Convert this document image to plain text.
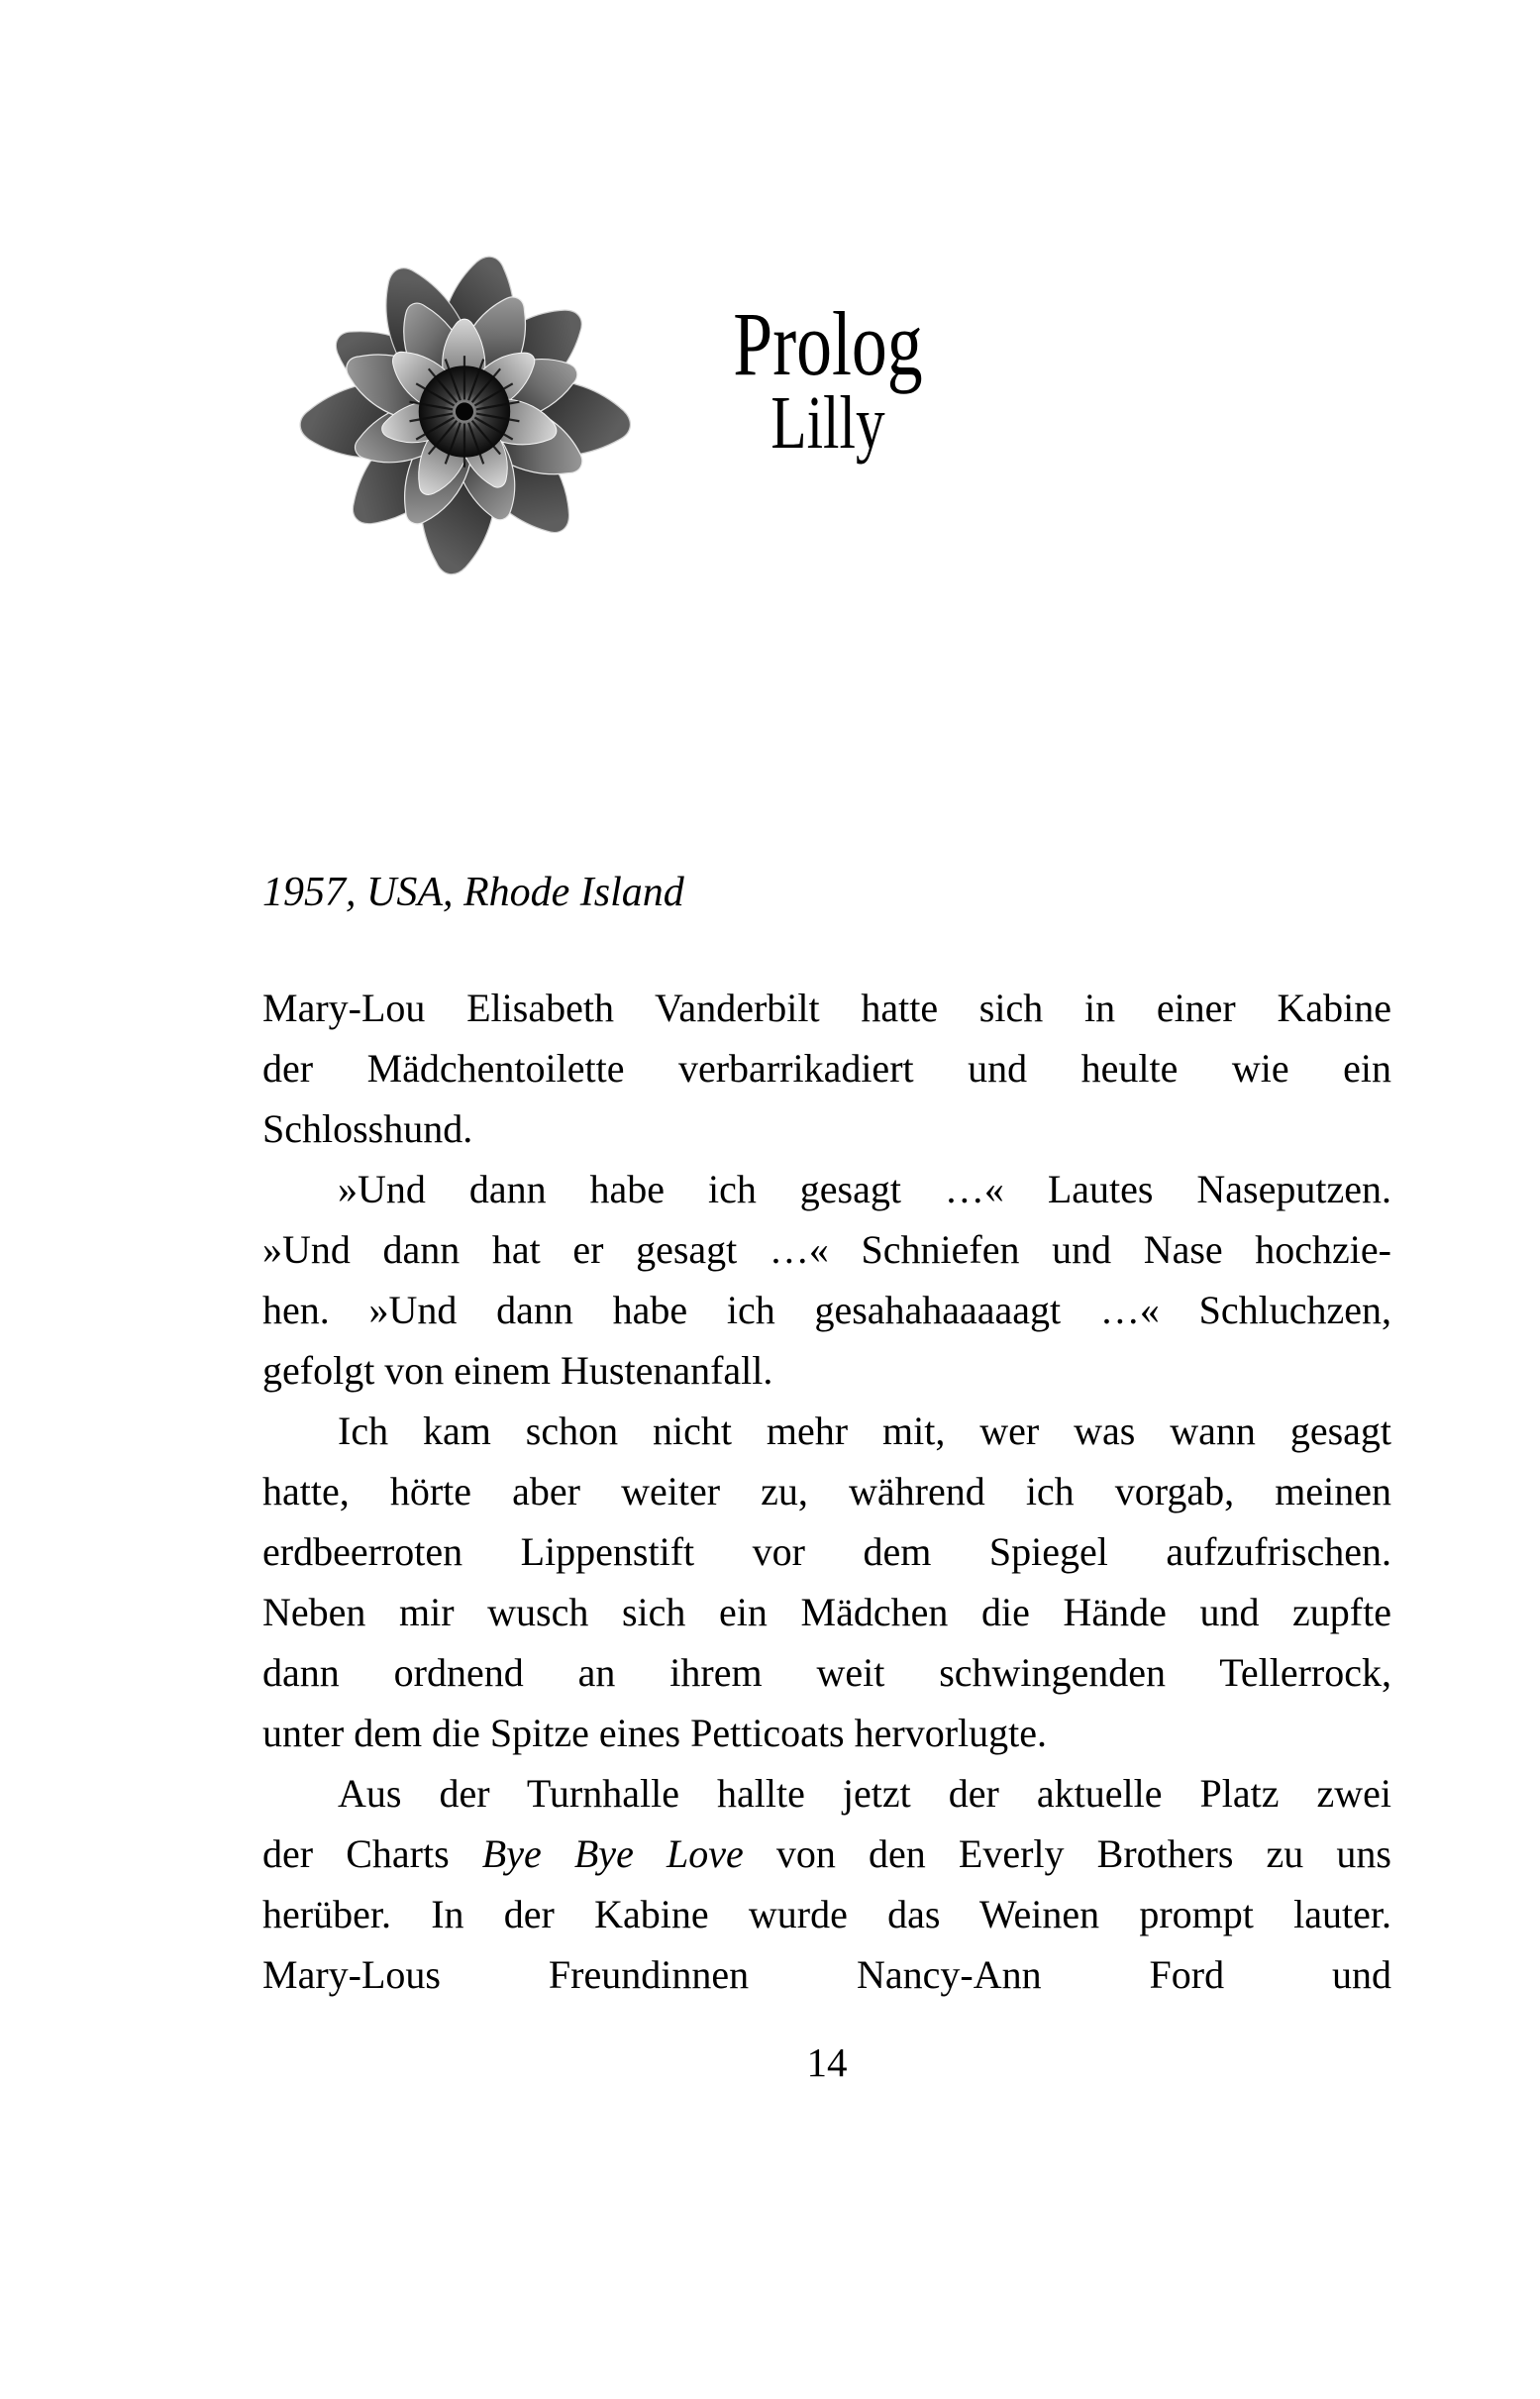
Prolog
Lilly
1957, USA, Rhode Island
Mary-Lou Elisabeth Vanderbilt hatte sich in einer Kabine
der Mädchentoilette verbarrikadiert und heulte wie ein
Schlosshund.
»Und dann habe ich gesagt …« Lautes Naseputzen.
»Und dann hat er gesagt …« Schniefen und Nase hochzie-
hen. »Und dann habe ich gesahahaaaaagt …« Schluchzen,
gefolgt von einem Hustenanfall.
Ich kam schon nicht mehr mit, wer was wann gesagt
hatte, hörte aber weiter zu, während ich vorgab, meinen
erdbeerroten Lippenstift vor dem Spiegel aufzufrischen.
Neben mir wusch sich ein Mädchen die Hände und zupfte
dann ordnend an ihrem weit schwingenden Tellerrock,
unter dem die Spitze eines Petticoats hervorlugte.
Aus der Turnhalle hallte jetzt der aktuelle Platz zwei
der Charts Bye Bye Love von den Everly Brothers zu uns
herüber. In der Kabine wurde das Weinen prompt lauter.
Mary-Lous Freundinnen Nancy-Ann Ford und
14
